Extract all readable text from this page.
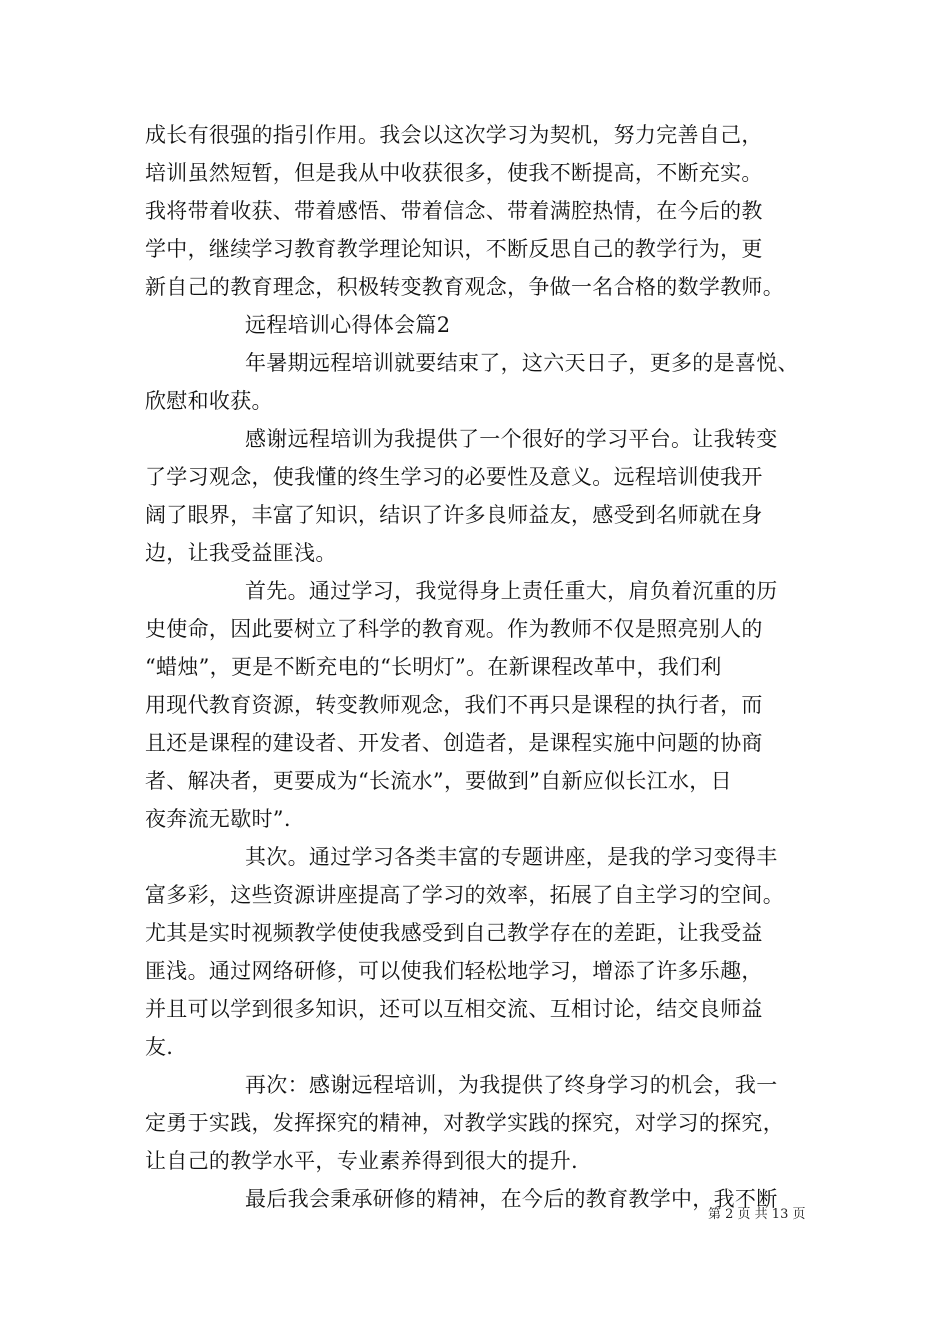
成长有很强的指引作用。我会以这次学习为契机，努力完善自己，
培训虽然短暂，但是我从中收获很多，使我不断提高，不断充实。
我将带着收获、带着感悟、带着信念、带着满腔热情，在今后的教
学中，继续学习教育教学理论知识，不断反思自己的教学行为，更
新自己的教育理念，积极转变教育观念，争做一名合格的数学教师。
远程培训心得体会篇2
年暑期远程培训就要结束了，这六天日子，更多的是喜悦、
欣慰和收获。
感谢远程培训为我提供了一个很好的学习平台。让我转变
了学习观念，使我懂的终生学习的必要性及意义。远程培训使我开
阔了眼界，丰富了知识，结识了许多良师益友，感受到名师就在身
边，让我受益匪浅。
首先。通过学习，我觉得身上责任重大，肩负着沉重的历
史使命，因此要树立了科学的教育观。作为教师不仅是照亮别人的
“蜡烛”，更是不断充电的“长明灯”。在新课程改革中，我们利
用现代教育资源，转变教师观念，我们不再只是课程的执行者，而
且还是课程的建设者、开发者、创造者，是课程实施中问题的协商
者、解决者，更要成为“长流水”，要做到”自新应似长江水，日
夜奔流无歇时”.
其次。通过学习各类丰富的专题讲座，是我的学习变得丰
富多彩，这些资源讲座提高了学习的效率，拓展了自主学习的空间。
尤其是实时视频教学使使我感受到自己教学存在的差距，让我受益
匪浅。通过网络研修，可以使我们轻松地学习，增添了许多乐趣，
并且可以学到很多知识，还可以互相交流、互相讨论，结交良师益
友.
再次：感谢远程培训，为我提供了终身学习的机会，我一
定勇于实践，发挥探究的精神，对教学实践的探究，对学习的探究，
让自己的教学水平，专业素养得到很大的提升.
最后我会秉承研修的精神，在今后的教育教学中，我不断
第 2 页 共 13 页
